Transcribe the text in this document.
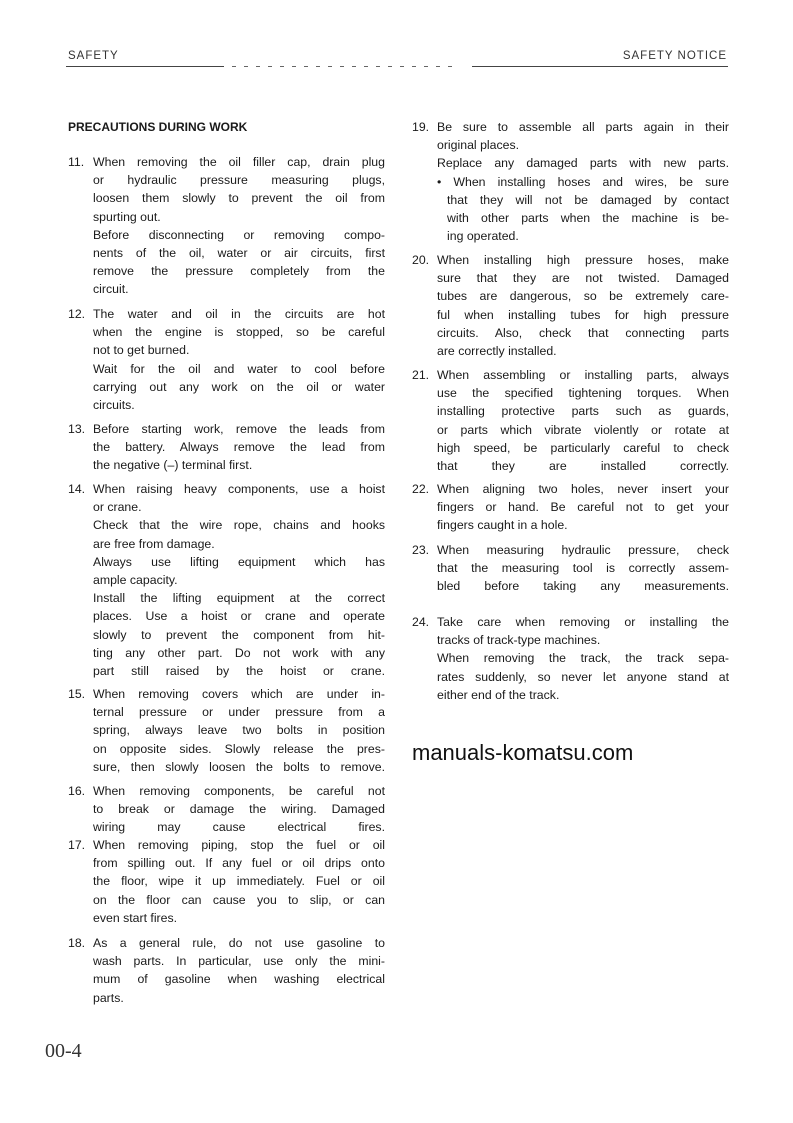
SAFETY	SAFETY NOTICE
PRECAUTIONS DURING WORK
11. When removing the oil filler cap, drain plug
or hydraulic pressure measuring plugs,
loosen them slowly to prevent the oil from
spurting out.
Before disconnecting or removing compo-
nents of the oil, water or air circuits, first
remove the pressure completely from the
circuit.
12. The water and oil in the circuits are hot
when the engine is stopped, so be careful
not to get burned.
Wait for the oil and water to cool before
carrying out any work on the oil or water
circuits.
13. Before starting work, remove the leads from
the battery. Always remove the lead from
the negative (–) terminal first.
14. When raising heavy components, use a hoist
or crane.
Check that the wire rope, chains and hooks
are free from damage.
Always use lifting equipment which has
ample capacity.
Install the lifting equipment at the correct
places. Use a hoist or crane and operate
slowly to prevent the component from hit-
ting any other part. Do not work with any
part still raised by the hoist or crane.
15. When removing covers which are under in-
ternal pressure or under pressure from a
spring, always leave two bolts in position
on opposite sides. Slowly release the pres-
sure, then slowly loosen the bolts to remove.
16. When removing components, be careful not
to break or damage the wiring. Damaged
wiring may cause electrical fires.
17. When removing piping, stop the fuel or oil
from spilling out. If any fuel or oil drips onto
the floor, wipe it up immediately. Fuel or oil
on the floor can cause you to slip, or can
even start fires.
18. As a general rule, do not use gasoline to
wash parts. In particular, use only the mini-
mum of gasoline when washing electrical
parts.
19. Be sure to assemble all parts again in their
original places.
Replace any damaged parts with new parts.
• When installing hoses and wires, be sure
that they will not be damaged by contact
with other parts when the machine is be-
ing operated.
20. When installing high pressure hoses, make
sure that they are not twisted. Damaged
tubes are dangerous, so be extremely care-
ful when installing tubes for high pressure
circuits. Also, check that connecting parts
are correctly installed.
21. When assembling or installing parts, always
use the specified tightening torques. When
installing protective parts such as guards,
or parts which vibrate violently or rotate at
high speed, be particularly careful to check
that they are installed correctly.
22. When aligning two holes, never insert your
fingers or hand. Be careful not to get your
fingers caught in a hole.
23. When measuring hydraulic pressure, check
that the measuring tool is correctly assem-
bled before taking any measurements.
24. Take care when removing or installing the
tracks of track-type machines.
When removing the track, the track sepa-
rates suddenly, so never let anyone stand at
either end of the track.
manuals-komatsu.com
00-4
